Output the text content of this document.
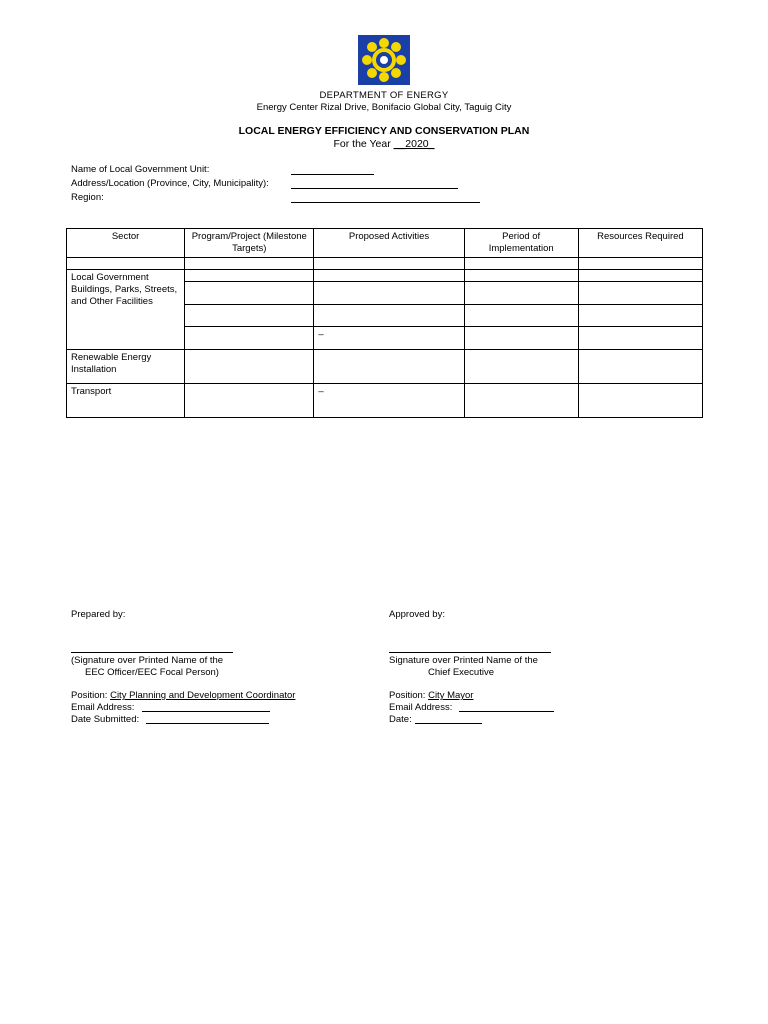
DEPARTMENT OF ENERGY
Energy Center Rizal Drive, Bonifacio Global City, Taguig City
LOCAL ENERGY EFFICIENCY AND CONSERVATION PLAN
For the Year __2020_
Name of Local Government Unit:
Address/Location (Province, City, Municipality):
Region:
Sector	Program/Project (Milestone Targets)	Proposed Activities	Period of Implementation	Resources Required

Local Government Buildings, Parks, Streets, and Other Facilities				

		–		
Renewable Energy Installation				
Transport		–		
Prepared by:
(Signature over Printed Name of the
EEC Officer/EEC Focal Person)
Position: City Planning and Development Coordinator
Email Address:
Date Submitted:
Approved by:
Signature over Printed Name of the
Chief Executive
Position: City Mayor
Email Address:
Date:
